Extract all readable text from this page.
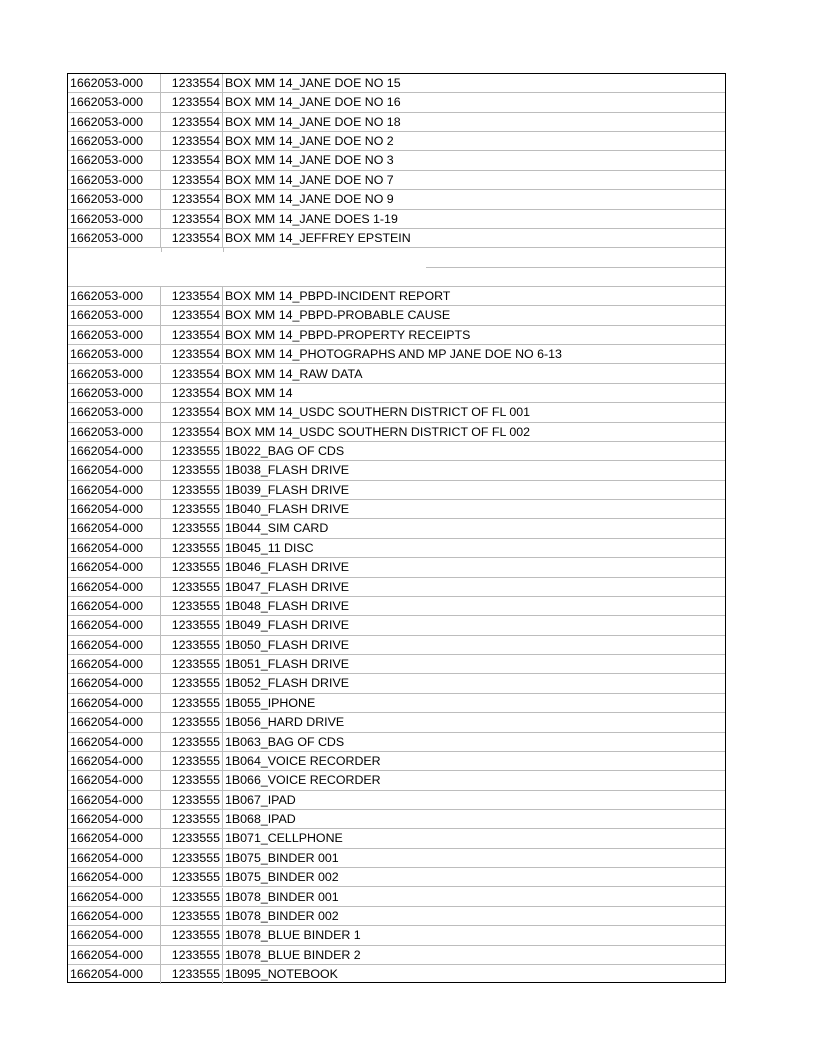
1662053-000	1233554 BOX MM 14_JANE DOE NO 15
1662053-000	1233554 BOX MM 14_JANE DOE NO 16
1662053-000	1233554 BOX MM 14_JANE DOE NO 18
1662053-000	1233554 BOX MM 14_JANE DOE NO 2
1662053-000	1233554 BOX MM 14_JANE DOE NO 3
1662053-000	1233554 BOX MM 14_JANE DOE NO 7
1662053-000	1233554 BOX MM 14_JANE DOE NO 9
1662053-000	1233554 BOX MM 14_JANE DOES 1-19
1662053-000	1233554 BOX MM 14_JEFFREY EPSTEIN
1662053-000	1233554 BOX MM 14_PBPD-INCIDENT REPORT
1662053-000	1233554 BOX MM 14_PBPD-PROBABLE CAUSE
1662053-000	1233554 BOX MM 14_PBPD-PROPERTY RECEIPTS
1662053-000	1233554 BOX MM 14_PHOTOGRAPHS AND MP JANE DOE NO 6-13
1662053-000	1233554 BOX MM 14_RAW DATA
1662053-000	1233554 BOX MM 14
1662053-000	1233554 BOX MM 14_USDC SOUTHERN DISTRICT OF FL 001
1662053-000	1233554 BOX MM 14_USDC SOUTHERN DISTRICT OF FL 002
1662054-000	1233555 1B022_BAG OF CDS
1662054-000	1233555 1B038_FLASH DRIVE
1662054-000	1233555 1B039_FLASH DRIVE
1662054-000	1233555 1B040_FLASH DRIVE
1662054-000	1233555 1B044_SIM CARD
1662054-000	1233555 1B045_11 DISC
1662054-000	1233555 1B046_FLASH DRIVE
1662054-000	1233555 1B047_FLASH DRIVE
1662054-000	1233555 1B048_FLASH DRIVE
1662054-000	1233555 1B049_FLASH DRIVE
1662054-000	1233555 1B050_FLASH DRIVE
1662054-000	1233555 1B051_FLASH DRIVE
1662054-000	1233555 1B052_FLASH DRIVE
1662054-000	1233555 1B055_IPHONE
1662054-000	1233555 1B056_HARD DRIVE
1662054-000	1233555 1B063_BAG OF CDS
1662054-000	1233555 1B064_VOICE RECORDER
1662054-000	1233555 1B066_VOICE RECORDER
1662054-000	1233555 1B067_IPAD
1662054-000	1233555 1B068_IPAD
1662054-000	1233555 1B071_CELLPHONE
1662054-000	1233555 1B075_BINDER 001
1662054-000	1233555 1B075_BINDER 002
1662054-000	1233555 1B078_BINDER 001
1662054-000	1233555 1B078_BINDER 002
1662054-000	1233555 1B078_BLUE BINDER 1
1662054-000	1233555 1B078_BLUE BINDER 2
1662054-000	1233555 1B095_NOTEBOOK
